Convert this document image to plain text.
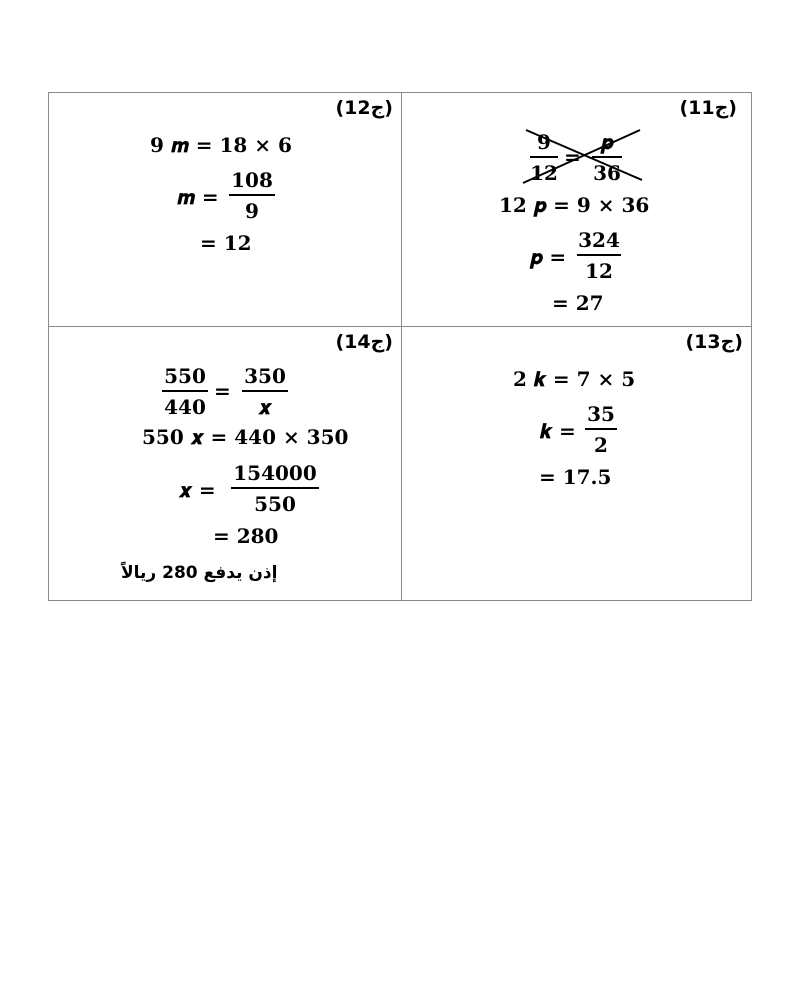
(ج12)
9 𝒎 = 18 × 6
𝒎 =
108
9
= 12
(ج11)
9
12
=
𝒑
36
12 𝒑 = 9 × 36
𝒑 =
324
12
= 27
(ج14)
550
440
=
350
𝒙
550 𝒙 = 440 × 350
𝒙 =
154000
550
= 280
إذن يدفع 280 ريالاً
(ج13)
2 𝒌 = 7 × 5
𝒌 =
35
2
= 17.5
